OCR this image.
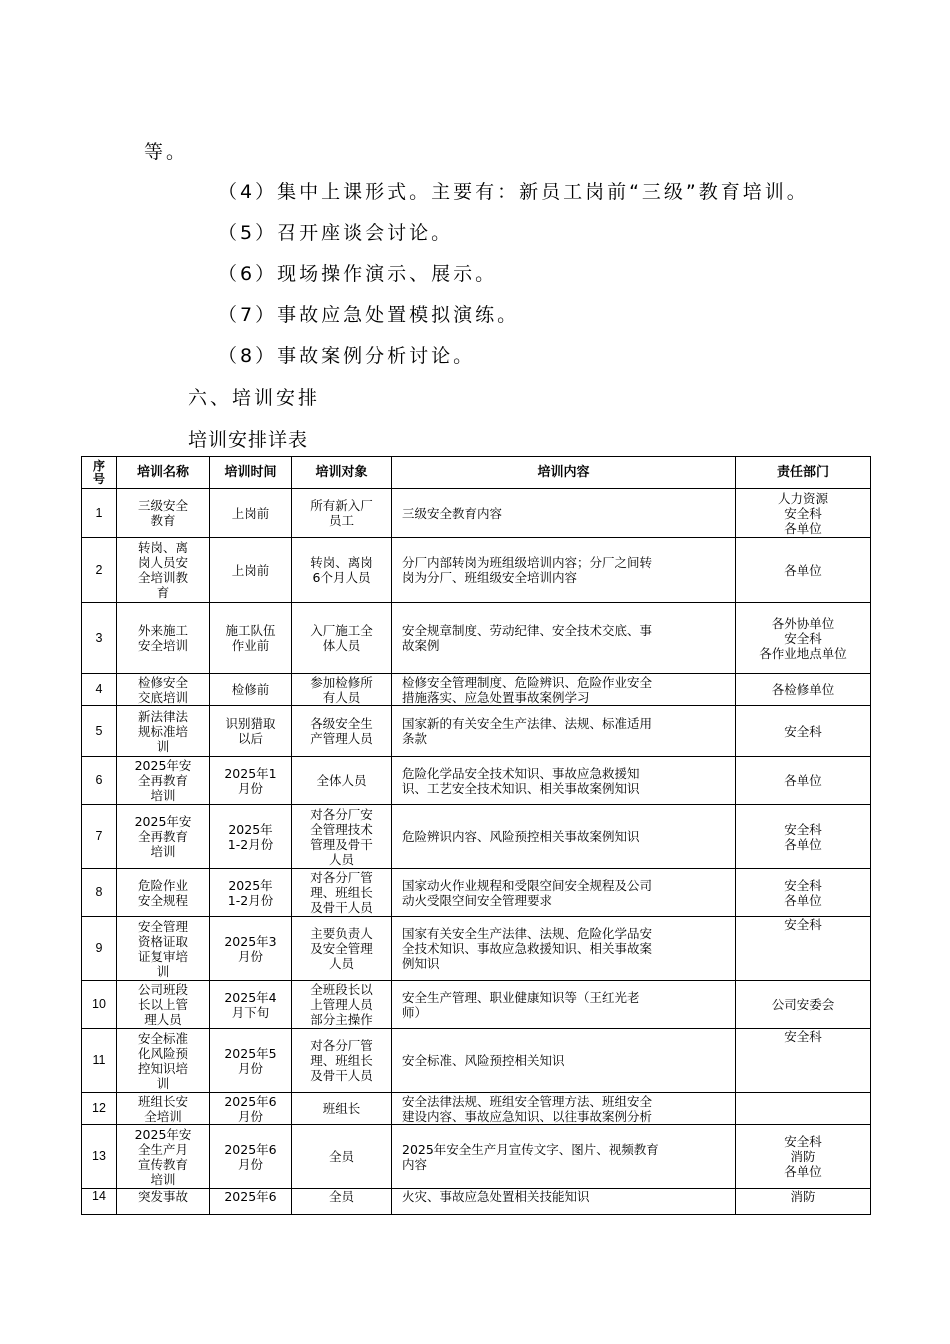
等。
（4）集中上课形式。主要有：新员工岗前“三级”教育培训。
（5）召开座谈会讨论。
（6）现场操作演示、展示。
（7）事故应急处置模拟演练。
（8）事故案例分析讨论。
六、培训安排
培训安排详表
序
号	培训名称	培训时间	培训对象	培训内容	责任部门
1	三级安全
教育	上岗前	所有新入厂
员工	三级安全教育内容	人力资源
安全科
各单位
2	转岗、离
岗人员安
全培训教
育	上岗前	转岗、离岗
6个月人员	分厂内部转岗为班组级培训内容；分厂之间转
岗为分厂、班组级安全培训内容	各单位
3	外来施工
安全培训	施工队伍
作业前	入厂施工全
体人员	安全规章制度、劳动纪律、安全技术交底、事
故案例	各外协单位
安全科
各作业地点单位
4	检修安全
交底培训	检修前	参加检修所
有人员	检修安全管理制度、危险辨识、危险作业安全
措施落实、应急处置事故案例学习	各检修单位
5	新法律法
规标准培
训	识别猎取
以后	各级安全生
产管理人员	国家新的有关安全生产法律、法规、标准适用
条款	安全科
6	2025年安
全再教育
培训	2025年1
月份	全体人员	危险化学品安全技术知识、事故应急救援知
识、工艺安全技术知识、相关事故案例知识	各单位
7	2025年安
全再教育
培训	2025年
1-2月份	对各分厂安
全管理技术
管理及骨干
人员	危险辨识内容、风险预控相关事故案例知识	安全科
各单位
8	危险作业
安全规程	2025年
1-2月份	对各分厂管
理、班组长
及骨干人员	国家动火作业规程和受限空间安全规程及公司
动火受限空间安全管理要求	安全科
各单位
9	安全管理
资格证取
证复审培
训	2025年3
月份	主要负责人
及安全管理
人员	国家有关安全生产法律、法规、危险化学品安
全技术知识、事故应急救援知识、相关事故案
例知识	安全科
10	公司班段
长以上管
理人员	2025年4
月下旬	全班段长以
上管理人员
部分主操作	安全生产管理、职业健康知识等（王红光老
师）	公司安委会
11	安全标准
化风险预
控知识培
训	2025年5
月份	对各分厂管
理、班组长
及骨干人员	安全标准、风险预控相关知识	安全科
12	班组长安
全培训	2025年6
月份	班组长	安全法律法规、班组安全管理方法、班组安全
建设内容、事故应急知识、以往事故案例分析	
13	2025年安
全生产月
宣传教育
培训	2025年6
月份	全员	2025年安全生产月宣传文字、图片、视频教育
内容	安全科
消防
各单位
14	突发事故	2025年6	全员	火灾、事故应急处置相关技能知识	消防
